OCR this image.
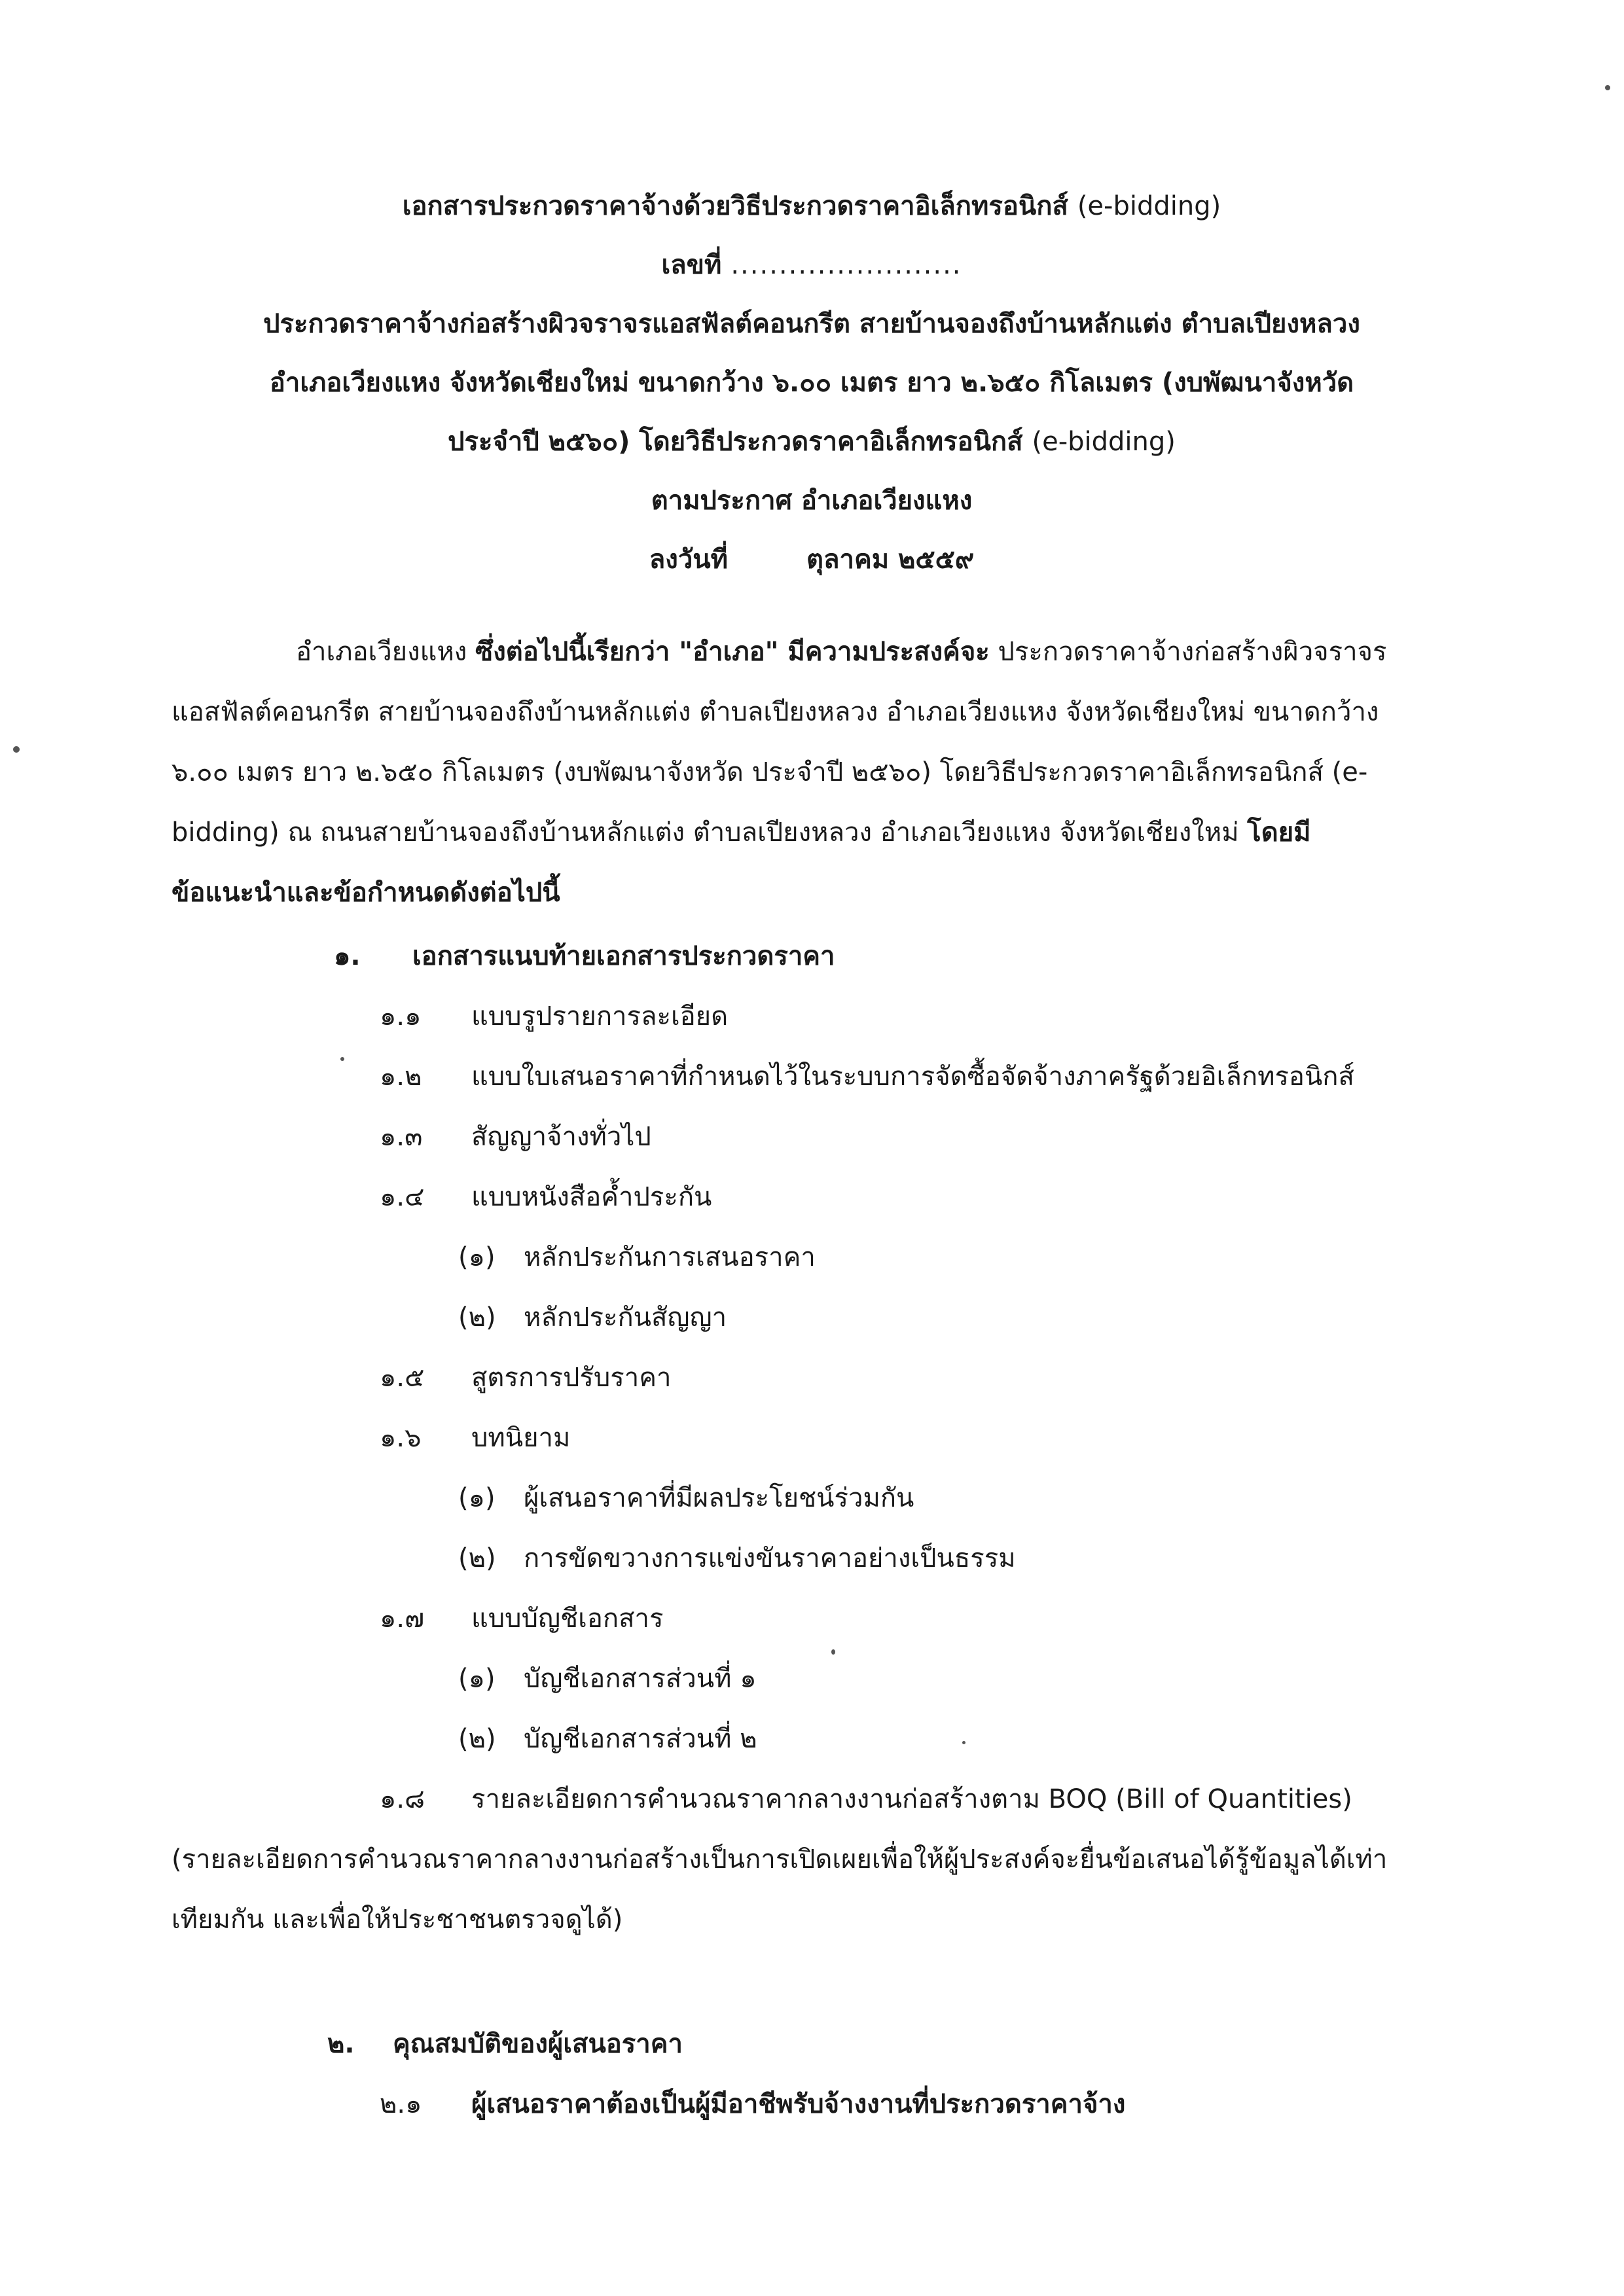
เอกสารประกวดราคาจ้างด้วยวิธีประกวดราคาอิเล็กทรอนิกส์ (e-bidding)
เลขที่ ........................
ประกวดราคาจ้างก่อสร้างผิวจราจรแอสฟัลต์คอนกรีต สายบ้านจองถึงบ้านหลักแต่ง ตำบลเปียงหลวง
อำเภอเวียงแหง จังหวัดเชียงใหม่ ขนาดกว้าง ๖.๐๐ เมตร ยาว ๒.๖๕๐ กิโลเมตร (งบพัฒนาจังหวัด
ประจำปี ๒๕๖๐) โดยวิธีประกวดราคาอิเล็กทรอนิกส์ (e-bidding)
ตามประกาศ อำเภอเวียงแหง
ลงวันที่	ตุลาคม ๒๕๕๙
อำเภอเวียงแหง ซึ่งต่อไปนี้เรียกว่า "อำเภอ" มีความประสงค์จะ ประกวดราคาจ้างก่อสร้างผิวจราจร
แอสฟัลต์คอนกรีต สายบ้านจองถึงบ้านหลักแต่ง ตำบลเปียงหลวง อำเภอเวียงแหง จังหวัดเชียงใหม่ ขนาดกว้าง
๖.๐๐ เมตร ยาว ๒.๖๕๐ กิโลเมตร (งบพัฒนาจังหวัด ประจำปี ๒๕๖๐) โดยวิธีประกวดราคาอิเล็กทรอนิกส์ (e-
bidding) ณ ถนนสายบ้านจองถึงบ้านหลักแต่ง ตำบลเปียงหลวง อำเภอเวียงแหง จังหวัดเชียงใหม่ โดยมี
ข้อแนะนำและข้อกำหนดดังต่อไปนี้
๑. เอกสารแนบท้ายเอกสารประกวดราคา
๑.๑ แบบรูปรายการละเอียด
๑.๒ แบบใบเสนอราคาที่กำหนดไว้ในระบบการจัดซื้อจัดจ้างภาครัฐด้วยอิเล็กทรอนิกส์
๑.๓ สัญญาจ้างทั่วไป
๑.๔ แบบหนังสือค้ำประกัน
(๑) หลักประกันการเสนอราคา
(๒) หลักประกันสัญญา
๑.๕ สูตรการปรับราคา
๑.๖ บทนิยาม
(๑) ผู้เสนอราคาที่มีผลประโยชน์ร่วมกัน
(๒) การขัดขวางการแข่งขันราคาอย่างเป็นธรรม
๑.๗ แบบบัญชีเอกสาร
(๑) บัญชีเอกสารส่วนที่ ๑
(๒) บัญชีเอกสารส่วนที่ ๒
๑.๘ รายละเอียดการคำนวณราคากลางงานก่อสร้างตาม BOQ (Bill of Quantities)
(รายละเอียดการคำนวณราคากลางงานก่อสร้างเป็นการเปิดเผยเพื่อให้ผู้ประสงค์จะยื่นข้อเสนอได้รู้ข้อมูลได้เท่า
เทียมกัน และเพื่อให้ประชาชนตรวจดูได้)
๒. คุณสมบัติของผู้เสนอราคา
๒.๑ ผู้เสนอราคาต้องเป็นผู้มีอาชีพรับจ้างงานที่ประกวดราคาจ้าง
